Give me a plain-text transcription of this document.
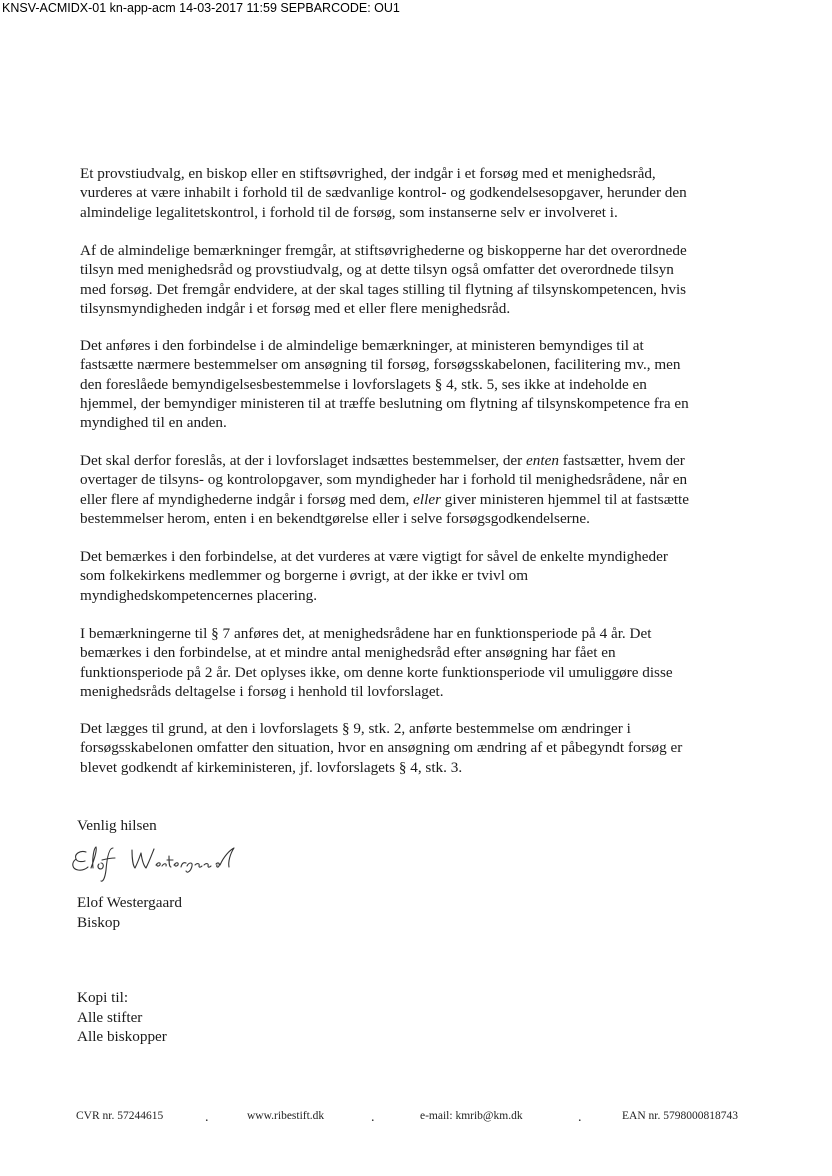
KNSV-ACMIDX-01 kn-app-acm 14-03-2017 11:59 SEPBARCODE: OU1

Et provstiudvalg, en biskop eller en stiftsøvrighed, der indgår i et forsøg med et menighedsråd,
vurderes at være inhabilt i forhold til de sædvanlige kontrol- og godkendelsesopgaver, herunder den
almindelige legalitetskontrol, i forhold til de forsøg, som instanserne selv er involveret i.

Af de almindelige bemærkninger fremgår, at stiftsøvrighederne og biskopperne har det overordnede
tilsyn med menighedsråd og provstiudvalg, og at dette tilsyn også omfatter det overordnede tilsyn
med forsøg. Det fremgår endvidere, at der skal tages stilling til flytning af tilsynskompetencen, hvis
tilsynsmyndigheden indgår i et forsøg med et eller flere menighedsråd.

Det anføres i den forbindelse i de almindelige bemærkninger, at ministeren bemyndiges til at
fastsætte nærmere bestemmelser om ansøgning til forsøg, forsøgsskabelonen, facilitering mv., men
den foreslåede bemyndigelsesbestemmelse i lovforslagets § 4, stk. 5, ses ikke at indeholde en
hjemmel, der bemyndiger ministeren til at træffe beslutning om flytning af tilsynskompetence fra en
myndighed til en anden.

Det skal derfor foreslås, at der i lovforslaget indsættes bestemmelser, der enten fastsætter, hvem der
overtager de tilsyns- og kontrolopgaver, som myndigheder har i forhold til menighedsrådene, når en
eller flere af myndighederne indgår i forsøg med dem, eller giver ministeren hjemmel til at fastsætte
bestemmelser herom, enten i en bekendtgørelse eller i selve forsøgsgodkendelserne.

Det bemærkes i den forbindelse, at det vurderes at være vigtigt for såvel de enkelte myndigheder
som folkekirkens medlemmer og borgerne i øvrigt, at der ikke er tvivl om
myndighedskompetencernes placering.

I bemærkningerne til § 7 anføres det, at menighedsrådene har en funktionsperiode på 4 år. Det
bemærkes i den forbindelse, at et mindre antal menighedsråd efter ansøgning har fået en
funktionsperiode på 2 år. Det oplyses ikke, om denne korte funktionsperiode vil umuliggøre disse
menighedsråds deltagelse i forsøg i henhold til lovforslaget.

Det lægges til grund, at den i lovforslagets § 9, stk. 2, anførte bestemmelse om ændringer i
forsøgsskabelonen omfatter den situation, hvor en ansøgning om ændring af et påbegyndt forsøg er
blevet godkendt af kirkeministeren, jf. lovforslagets § 4, stk. 3.

Venlig hilsen

Elof Westergaard
Biskop

Kopi til:
Alle stifter
Alle biskopper

CVR nr. 57244615	.	www.ribestift.dk	.	e-mail: kmrib@km.dk	.	EAN nr. 5798000818743
